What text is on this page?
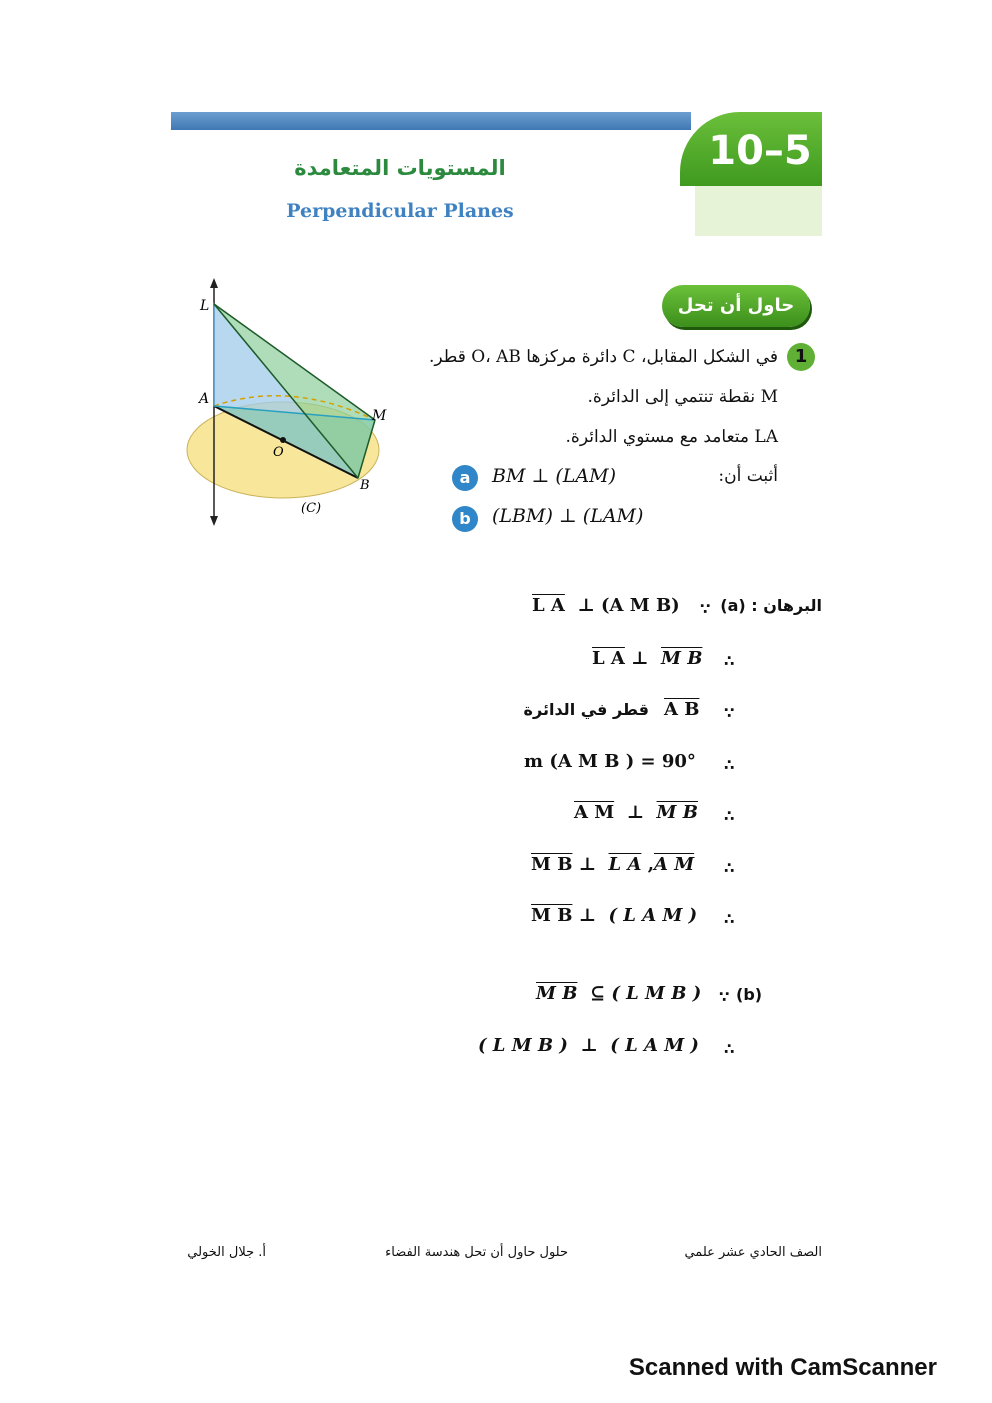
10–5
المستويات المتعامدة
Perpendicular Planes
L
A
M
O
B
(C)
حاول أن تحل
1
في الشكل المقابل، C دائرة مركزها O، AB قطر.
M نقطة تنتمي إلى الدائرة.
LA متعامد مع مستوي الدائرة.
أثبت أن:
a	BM ⊥ (LAM)
b	(LBM) ⊥ (LAM)
البرهان : (a)
∵
L A ⊥ (A M B)
∴
L A ⊥ M B
∵
A B
قطر في الدائرة
∴
m (A M B ) = 90°
∴
A M ⊥ M B
∴
M B ⊥ L A ,A M
∴
M B ⊥ ( L A M )
(b)
∵
M B ⊆ ( L M B )
∴
( L M B ) ⊥ ( L A M )
الصف الحادي عشر علمي
حلول حاول أن تحل هندسة الفضاء
أ. جلال الخولي
Scanned with CamScanner
